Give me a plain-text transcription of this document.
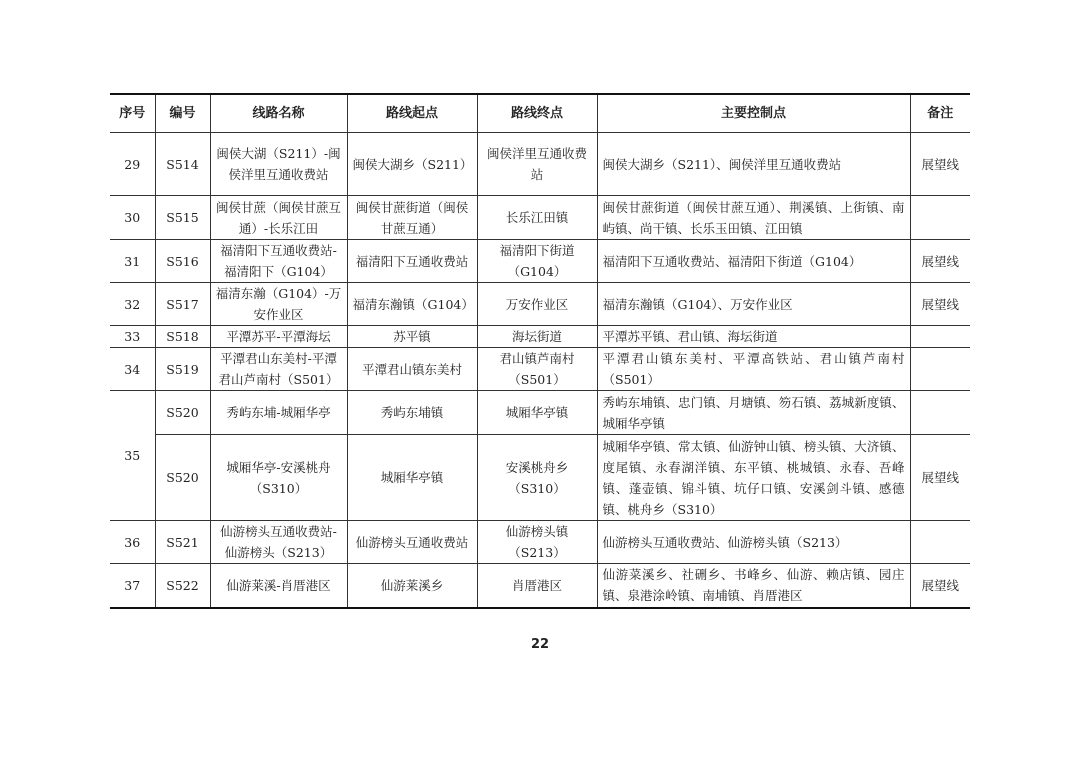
序号	编号	线路名称	路线起点	路线终点	主要控制点	备注
29	S514	闽侯大湖（S211）-闽侯洋里互通收费站	闽侯大湖乡（S211）	闽侯洋里互通收费站	闽侯大湖乡（S211）、闽侯洋里互通收费站	展望线
30	S515	闽侯甘蔗（闽侯甘蔗互通）-长乐江田	闽侯甘蔗街道（闽侯甘蔗互通）	长乐江田镇	闽侯甘蔗街道（闽侯甘蔗互通）、荆溪镇、上街镇、南屿镇、尚干镇、长乐玉田镇、江田镇	

31	S516	福清阳下互通收费站-福清阳下（G104）	福清阳下互通收费站	福清阳下街道（G104）	福清阳下互通收费站、福清阳下街道（G104）	展望线
32	S517	福清东瀚（G104）-万安作业区	福清东瀚镇（G104）	万安作业区	福清东瀚镇（G104）、万安作业区	展望线
33	S518	平潭苏平-平潭海坛	苏平镇	海坛街道	平潭苏平镇、君山镇、海坛街道	

34	S519	平潭君山东美村-平潭君山芦南村（S501）	平潭君山镇东美村	君山镇芦南村（S501）	平潭君山镇东美村、平潭高铁站、君山镇芦南村（S501）	

35	S520	秀屿东埔-城厢华亭	秀屿东埔镇	城厢华亭镇	秀屿东埔镇、忠门镇、月塘镇、笏石镇、荔城新度镇、城厢华亭镇	

	S520	城厢华亭-安溪桃舟（S310）	城厢华亭镇	安溪桃舟乡（S310）	城厢华亭镇、常太镇、仙游钟山镇、榜头镇、大济镇、度尾镇、永春湖洋镇、东平镇、桃城镇、永春、吾峰镇、蓬壶镇、锦斗镇、坑仔口镇、安溪剑斗镇、感德镇、桃舟乡（S310）	展望线
36	S521	仙游榜头互通收费站-仙游榜头（S213）	仙游榜头互通收费站	仙游榜头镇（S213）	仙游榜头互通收费站、仙游榜头镇（S213）	

37	S522	仙游莱溪-肖厝港区	仙游莱溪乡	肖厝港区	仙游菜溪乡、社硎乡、书峰乡、仙游、赖店镇、园庄镇、泉港涂岭镇、南埔镇、肖厝港区	展望线
22
